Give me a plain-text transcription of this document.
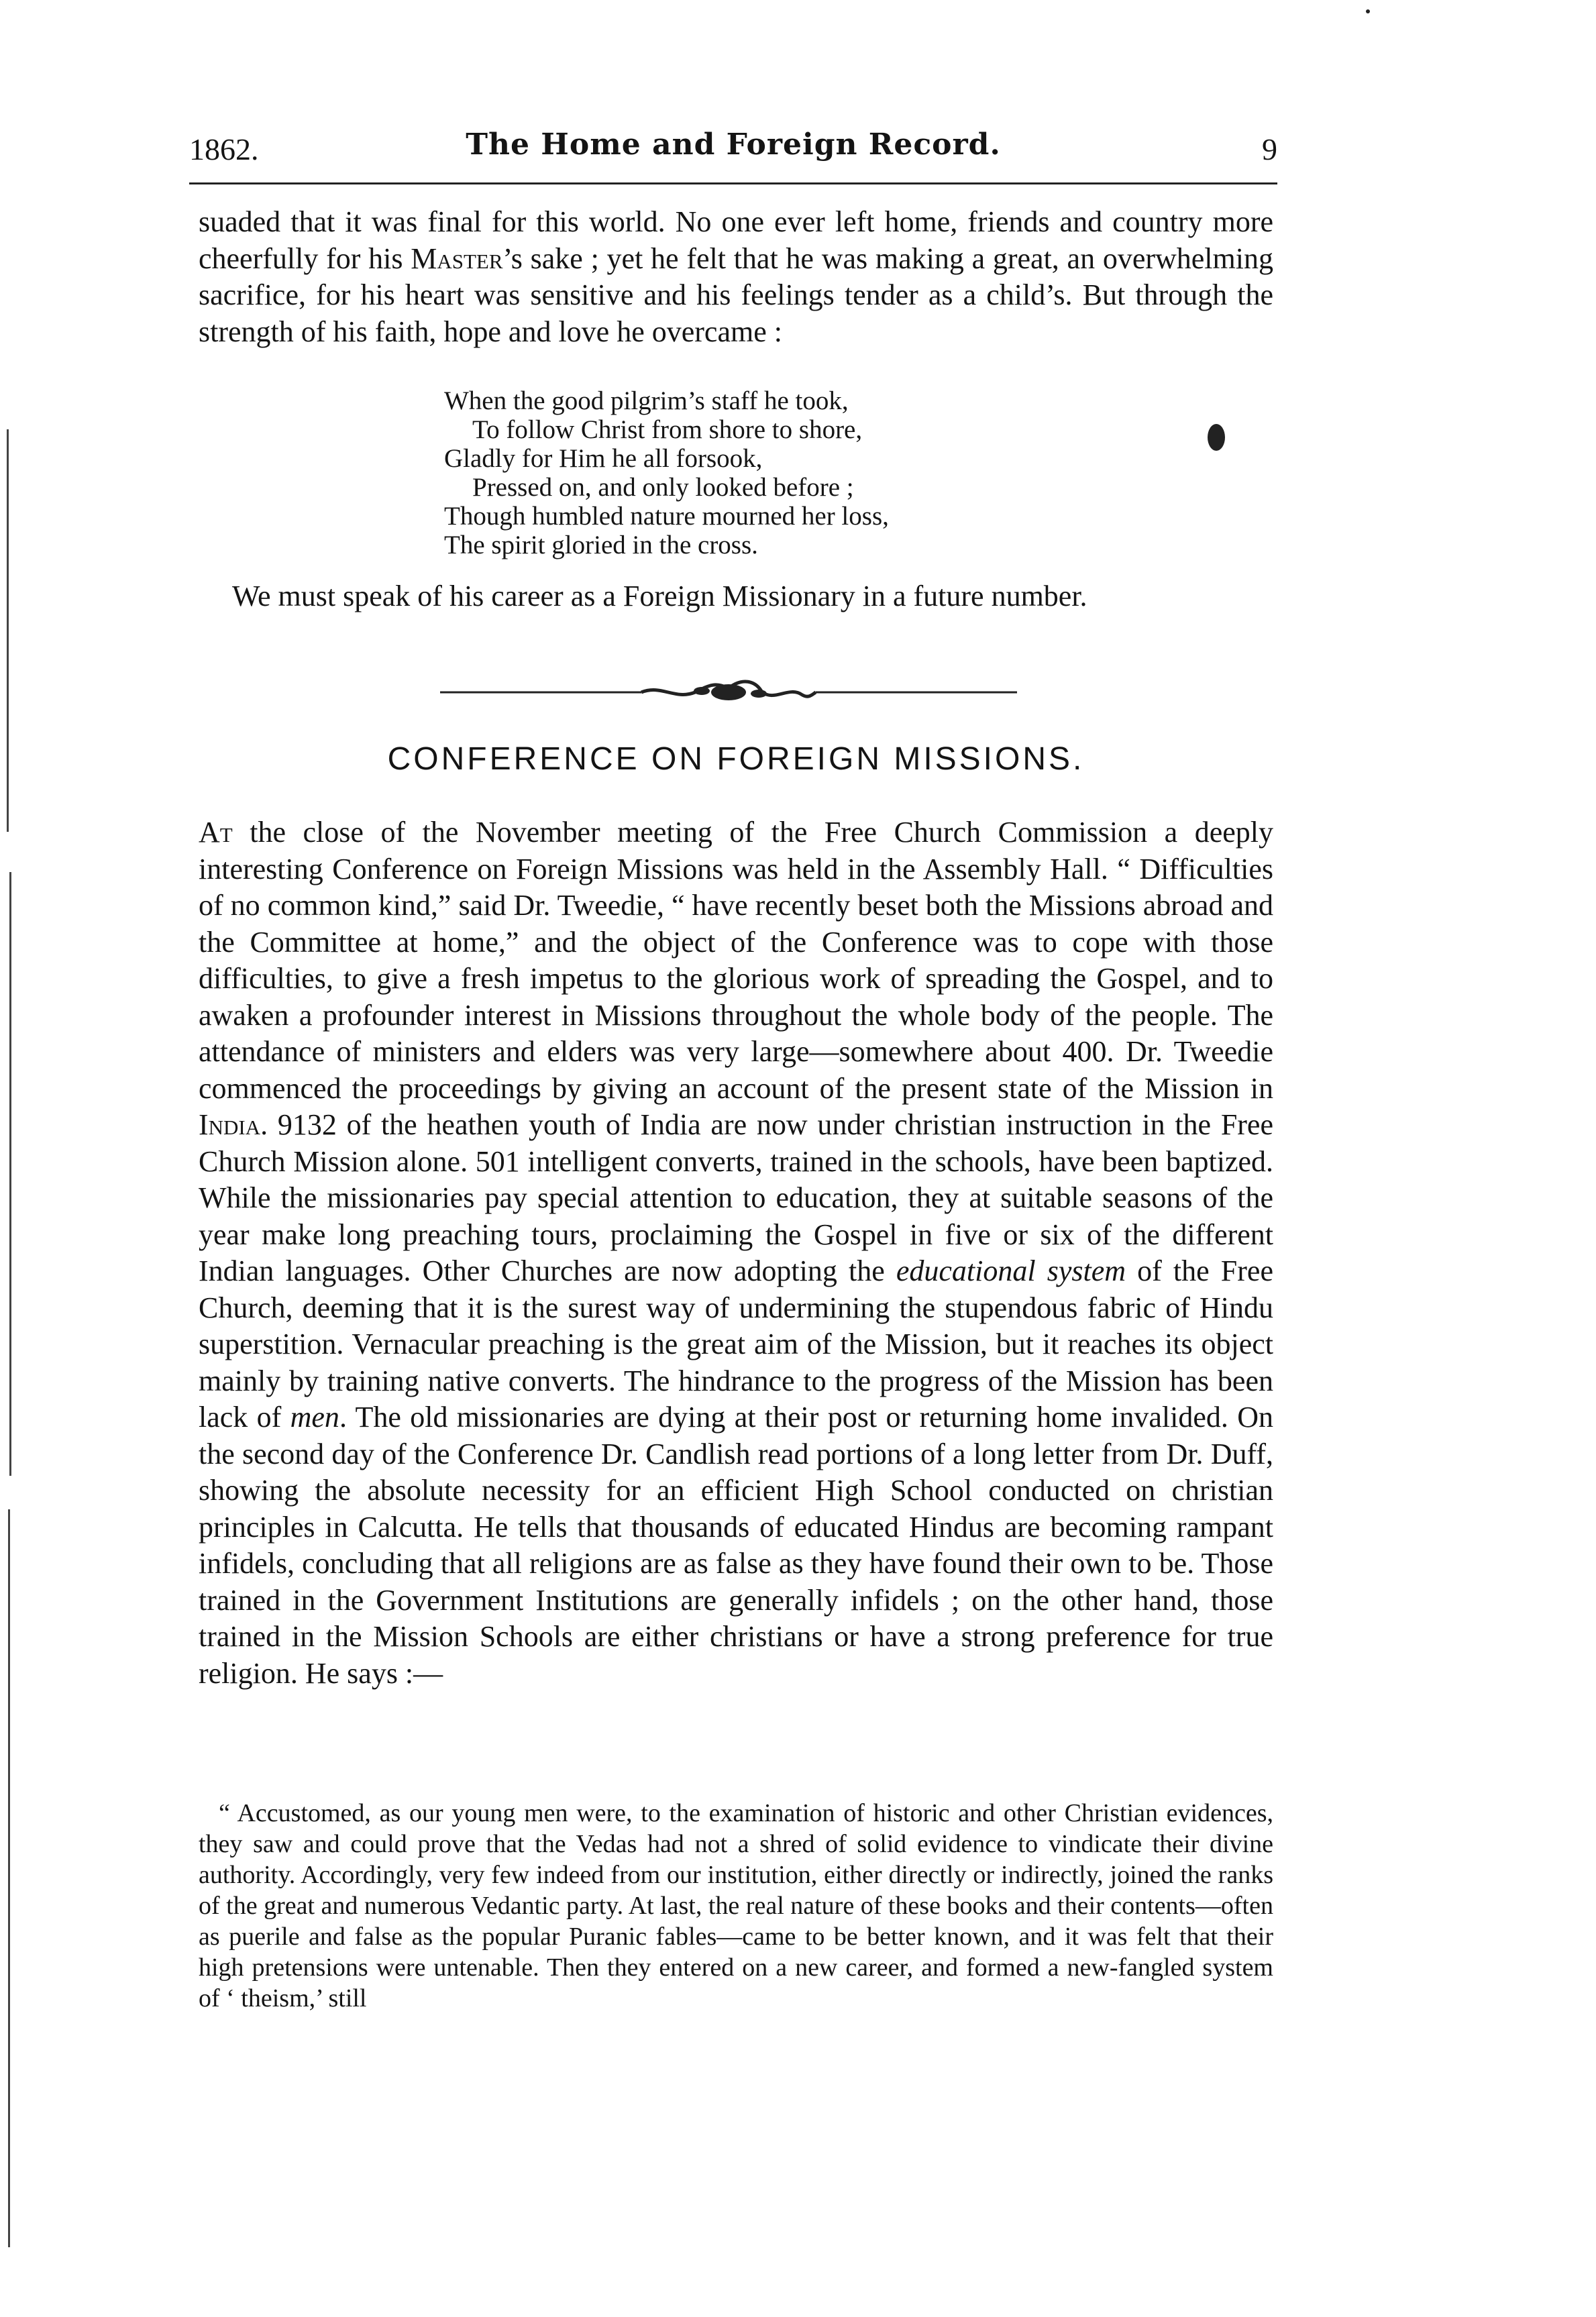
1862.	The Home and Foreign Record.	9

suaded that it was final for this world. No one ever left home, friends and country more cheerfully for his Master’s sake ; yet he felt that he was making a great, an overwhelming sacrifice, for his heart was sensitive and his feelings tender as a child’s. But through the strength of his faith, hope and love he overcame :

When the good pilgrim’s staff he took,
To follow Christ from shore to shore,
Gladly for Him he all forsook,
Pressed on, and only looked before ;
Though humbled nature mourned her loss,
The spirit gloried in the cross.
We must speak of his career as a Foreign Missionary in a future number.
CONFERENCE ON FOREIGN MISSIONS.

At the close of the November meeting of the Free Church Commission a deeply interesting Conference on Foreign Missions was held in the Assembly Hall. “ Difficulties of no common kind,” said Dr. Tweedie, “ have recently beset both the Missions abroad and the Committee at home,” and the object of the Conference was to cope with those difficulties, to give a fresh impetus to the glorious work of spreading the Gospel, and to awaken a profounder interest in Missions throughout the whole body of the people. The attendance of ministers and elders was very large—somewhere about 400. Dr. Tweedie commenced the proceedings by giving an account of the present state of the Mission in India. 9132 of the heathen youth of India are now under christian instruction in the Free Church Mission alone. 501 intelligent converts, trained in the schools, have been baptized. While the missionaries pay special attention to education, they at suitable seasons of the year make long preaching tours, proclaiming the Gospel in five or six of the different Indian languages. Other Churches are now adopting the educational system of the Free Church, deeming that it is the surest way of undermining the stupendous fabric of Hindu superstition. Vernacular preaching is the great aim of the Mission, but it reaches its object mainly by training native converts. The hindrance to the progress of the Mission has been lack of men. The old missionaries are dying at their post or returning home invalided. On the second day of the Conference Dr. Candlish read portions of a long letter from Dr. Duff, showing the absolute necessity for an efficient High School conducted on christian principles in Calcutta. He tells that thousands of educated Hindus are becoming rampant infidels, concluding that all religions are as false as they have found their own to be. Those trained in the Government Institutions are generally infidels ; on the other hand, those trained in the Mission Schools are either christians or have a strong preference for true religion. He says :—

“ Accustomed, as our young men were, to the examination of historic and other Christian evidences, they saw and could prove that the Vedas had not a shred of solid evidence to vindicate their divine authority. Accordingly, very few indeed from our institution, either directly or indirectly, joined the ranks of the great and numerous Vedantic party. At last, the real nature of these books and their contents—often as puerile and false as the popular Puranic fables—came to be better known, and it was felt that their high pretensions were untenable. Then they entered on a new career, and formed a new-fangled system of ‘ theism,’ still
